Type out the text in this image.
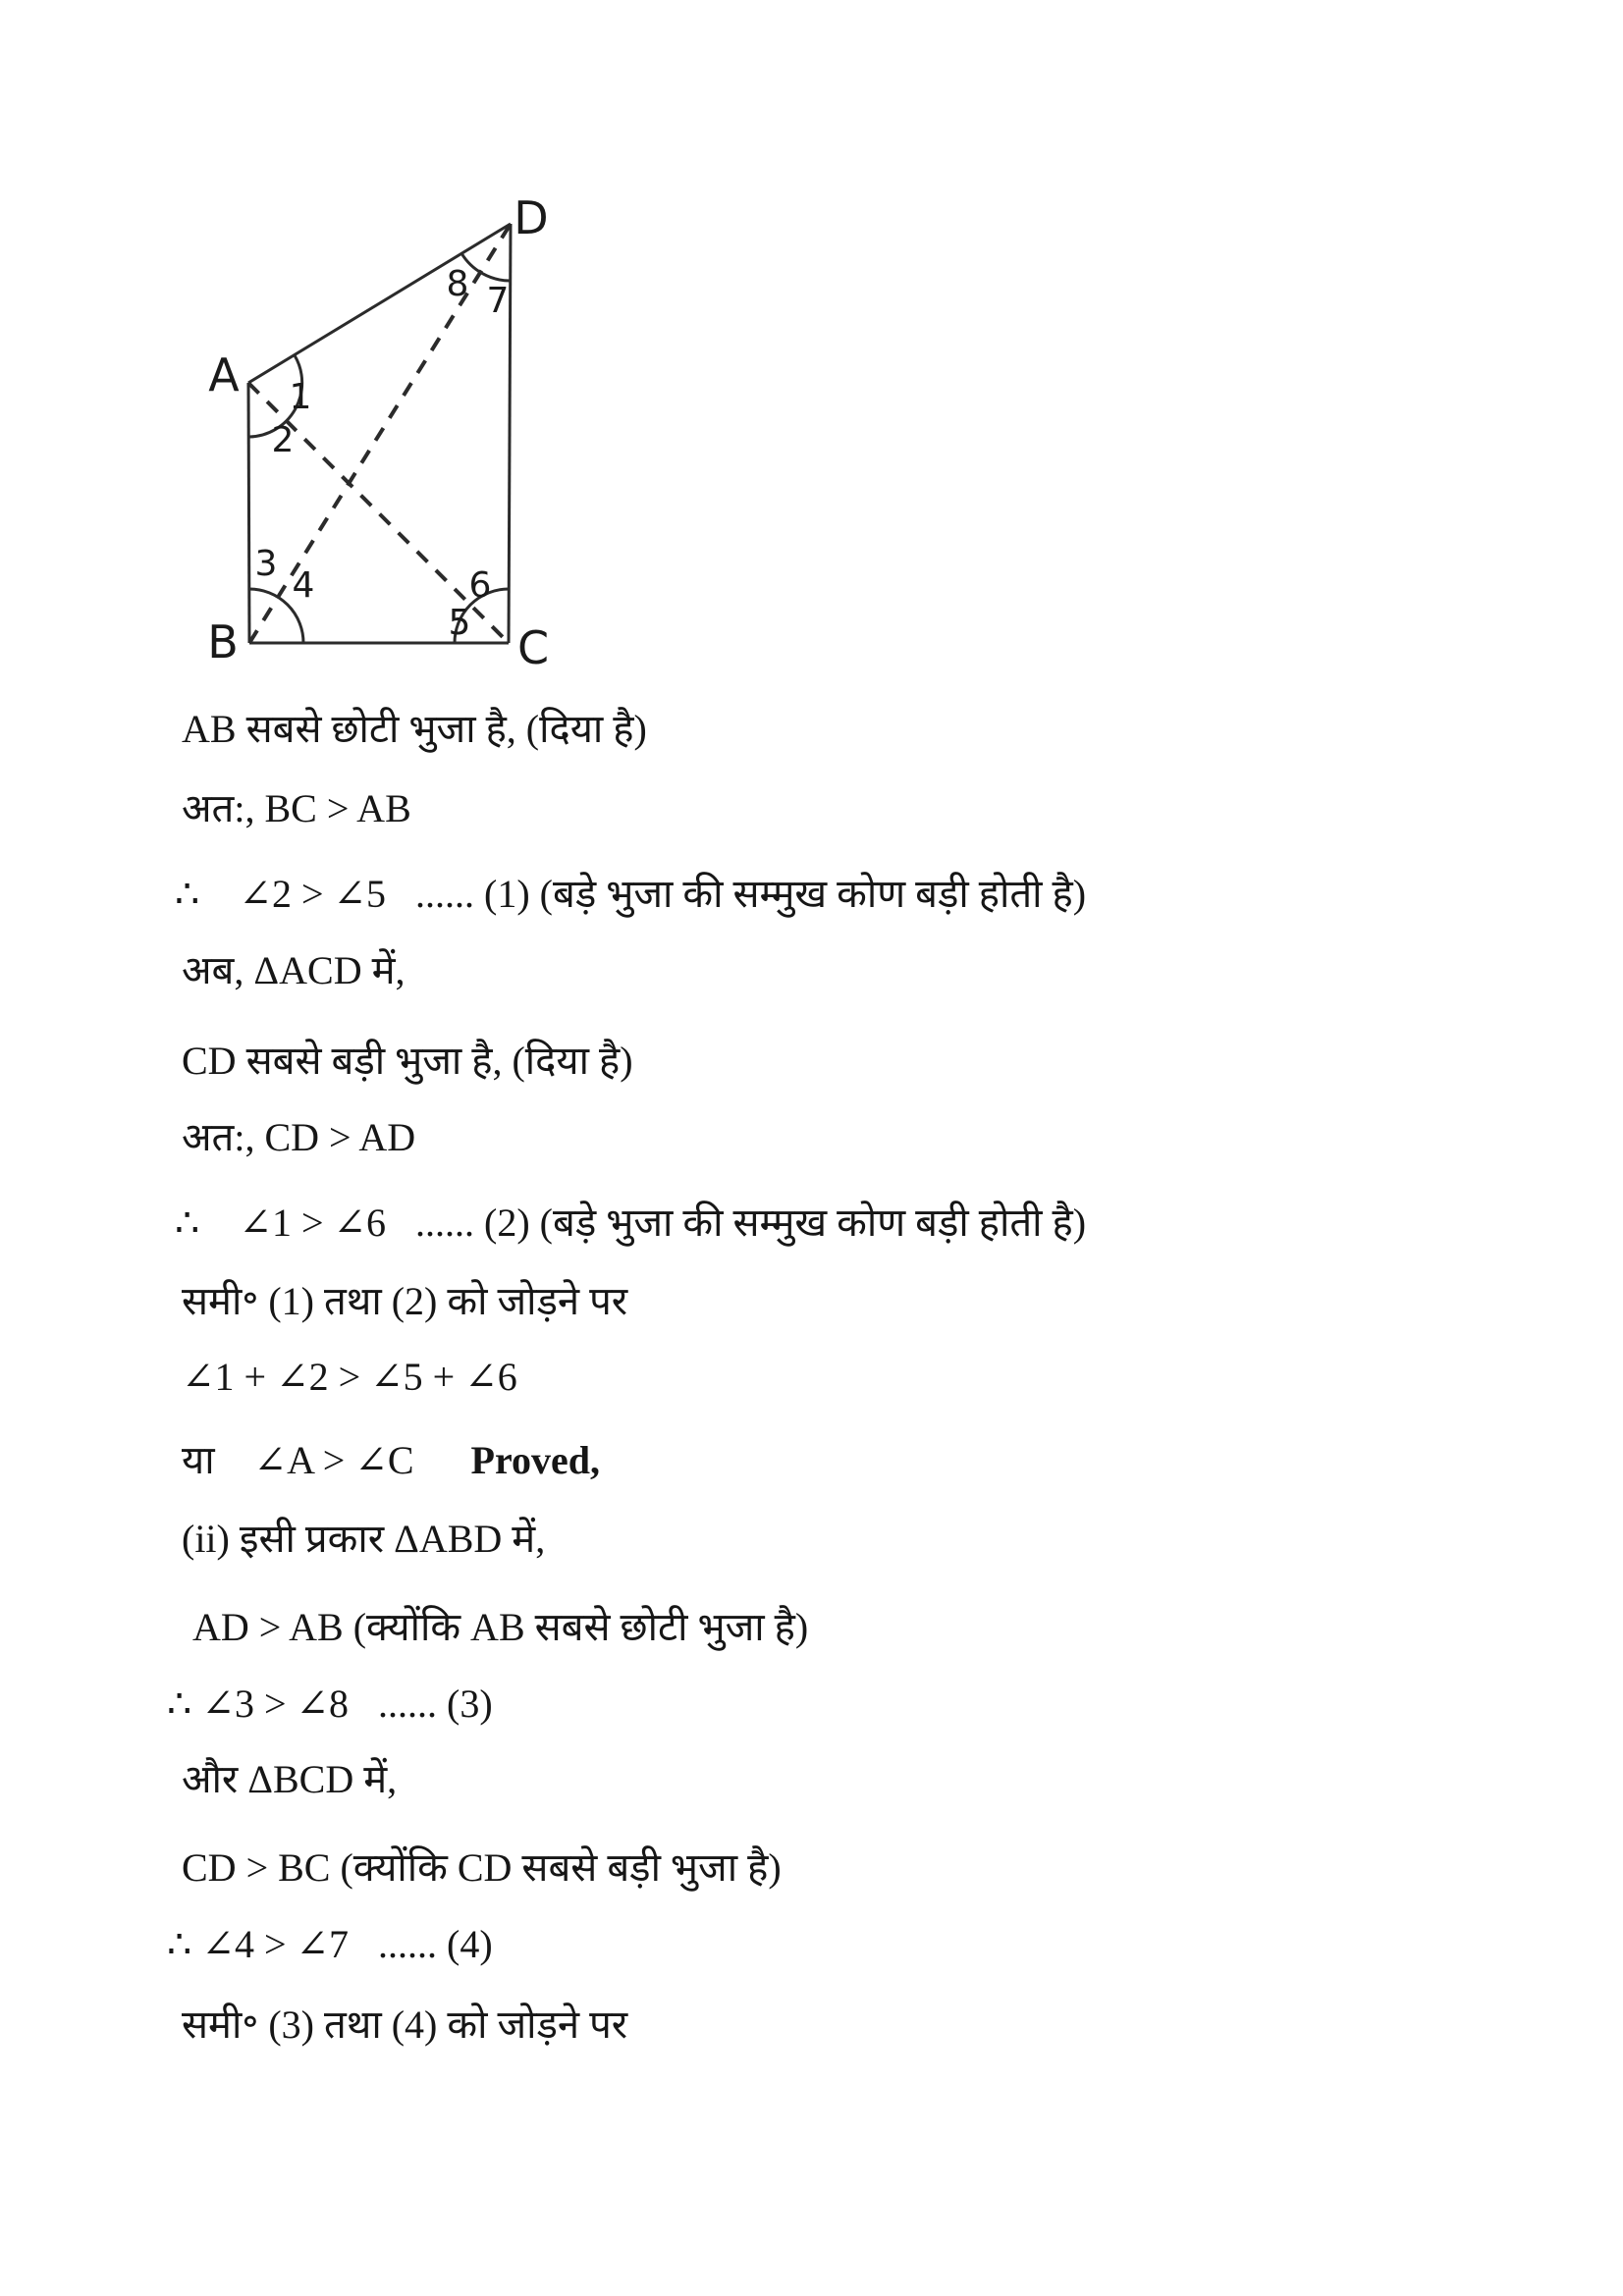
A
B	C
D
1
2
3
4
5
6
7
8
AB सबसे छोटी भुजा है, (दिया है)
अत:, BC > AB
∴    ∠2 > ∠5   ...... (1) (बड़े भुजा की सम्मुख कोण बड़ी होती है)
अब, ΔACD में,
CD सबसे बड़ी भुजा है, (दिया है)
अत:, CD > AD
∴    ∠1 > ∠6   ...... (2) (बड़े भुजा की सम्मुख कोण बड़ी होती है)
समी॰ (1) तथा (2) को जोड़ने पर
∠1 + ∠2 > ∠5 + ∠6
या    ∠A > ∠C Proved,
(ii) इसी प्रकार ΔABD में,
AD > AB (क्योंकि AB सबसे छोटी भुजा है)
∴ ∠3 > ∠8   ...... (3)
और ΔBCD में,
CD > BC (क्योंकि CD सबसे बड़ी भुजा है)
∴ ∠4 > ∠7   ...... (4)
समी॰ (3) तथा (4) को जोड़ने पर
